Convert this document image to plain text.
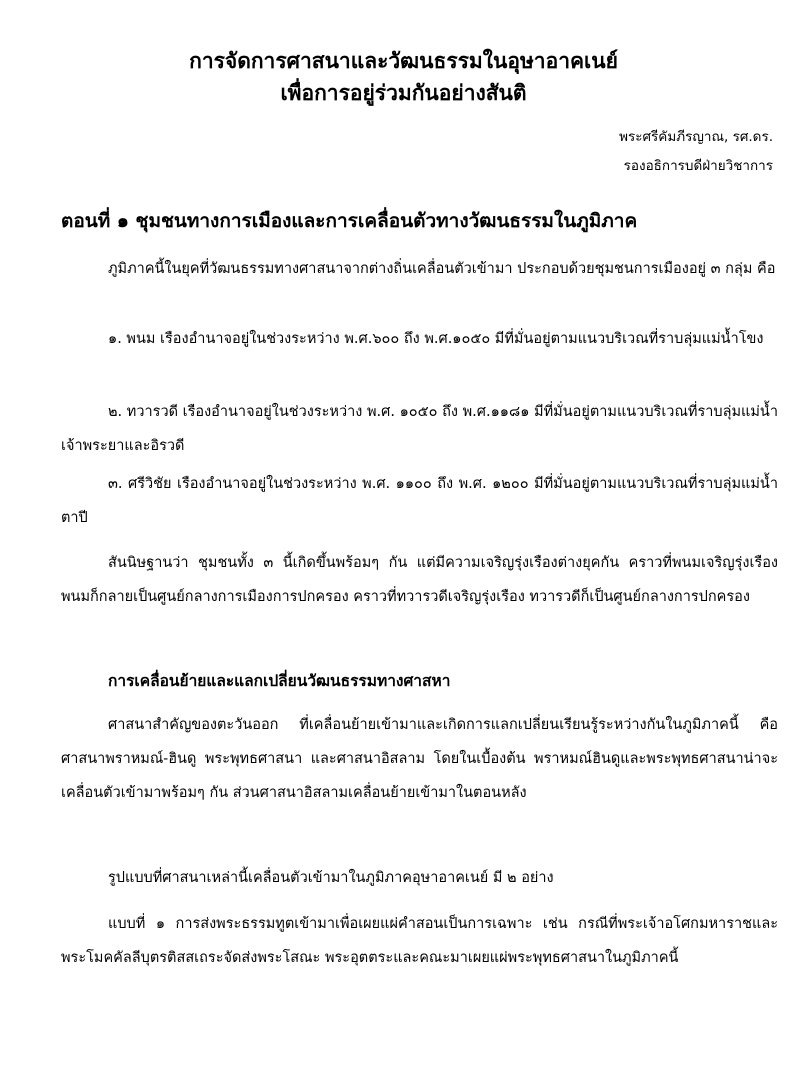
การจัดการศาสนาและวัฒนธรรมในอุษาอาคเนย์
เพื่อการอยู่ร่วมกันอย่างสันติ

พระศรีคัมภีรญาณ, รศ.ดร.

รองอธิการบดีฝ่ายวิชาการ

ตอนที่ ๑ ชุมชนทางการเมืองและการเคลื่อนตัวทางวัฒนธรรมในภูมิภาค

ภูมิภาคนี้ในยุคที่วัฒนธรรมทางศาสนาจากต่างถิ่นเคลื่อนตัวเข้ามา ประกอบด้วยชุมชนการเมืองอยู่ ๓ กลุ่ม คือ

๑. พนม เรืองอำนาจอยู่ในช่วงระหว่าง พ.ศ.๖๐๐ ถึง พ.ศ.๑๐๕๐ มีที่มั่นอยู่ตามแนวบริเวณที่ราบลุ่มแม่น้ำโขง

๒. ทวารวดี เรืองอำนาจอยู่ในช่วงระหว่าง พ.ศ. ๑๐๕๐ ถึง พ.ศ.๑๑๘๑ มีที่มั่นอยู่ตามแนวบริเวณที่ราบลุ่มแม่น้ำเจ้าพระยาและอิรวดี

๓. ศรีวิชัย เรืองอำนาจอยู่ในช่วงระหว่าง พ.ศ. ๑๑๐๐ ถึง พ.ศ. ๑๒๐๐ มีที่มั่นอยู่ตามแนวบริเวณที่ราบลุ่มแม่น้ำตาปี

สันนิษฐานว่า ชุมชนทั้ง ๓ นี้เกิดขึ้นพร้อมๆ กัน แต่มีความเจริญรุ่งเรืองต่างยุคกัน คราวที่พนมเจริญรุ่งเรือง พนมก็กลายเป็นศูนย์กลางการเมืองการปกครอง คราวที่ทวารวดีเจริญรุ่งเรือง ทวารวดีก็เป็นศูนย์กลางการปกครอง

การเคลื่อนย้ายและแลกเปลี่ยนวัฒนธรรมทางศาสหา

ศาสนาสำคัญของตะวันออก ที่เคลื่อนย้ายเข้ามาและเกิดการแลกเปลี่ยนเรียนรู้ระหว่างกันในภูมิภาคนี้ คือ ศาสนาพราหมณ์-ฮินดู พระพุทธศาสนา และศาสนาอิสลาม โดยในเบื้องต้น พราหมณ์ฮินดูและพระพุทธศาสนาน่าจะเคลื่อนตัวเข้ามาพร้อมๆ กัน ส่วนศาสนาอิสลามเคลื่อนย้ายเข้ามาในตอนหลัง

รูปแบบที่ศาสนาเหล่านี้เคลื่อนตัวเข้ามาในภูมิภาคอุษาอาคเนย์ มี ๒ อย่าง

แบบที่ ๑ การส่งพระธรรมทูตเข้ามาเพื่อเผยแผ่คำสอนเป็นการเฉพาะ เช่น กรณีที่พระเจ้าอโศกมหาราชและพระโมคคัลลีบุตรติสสเถระจัดส่งพระโสณะ พระอุตตระและคณะมาเผยแผ่พระพุทธศาสนาในภูมิภาคนี้
